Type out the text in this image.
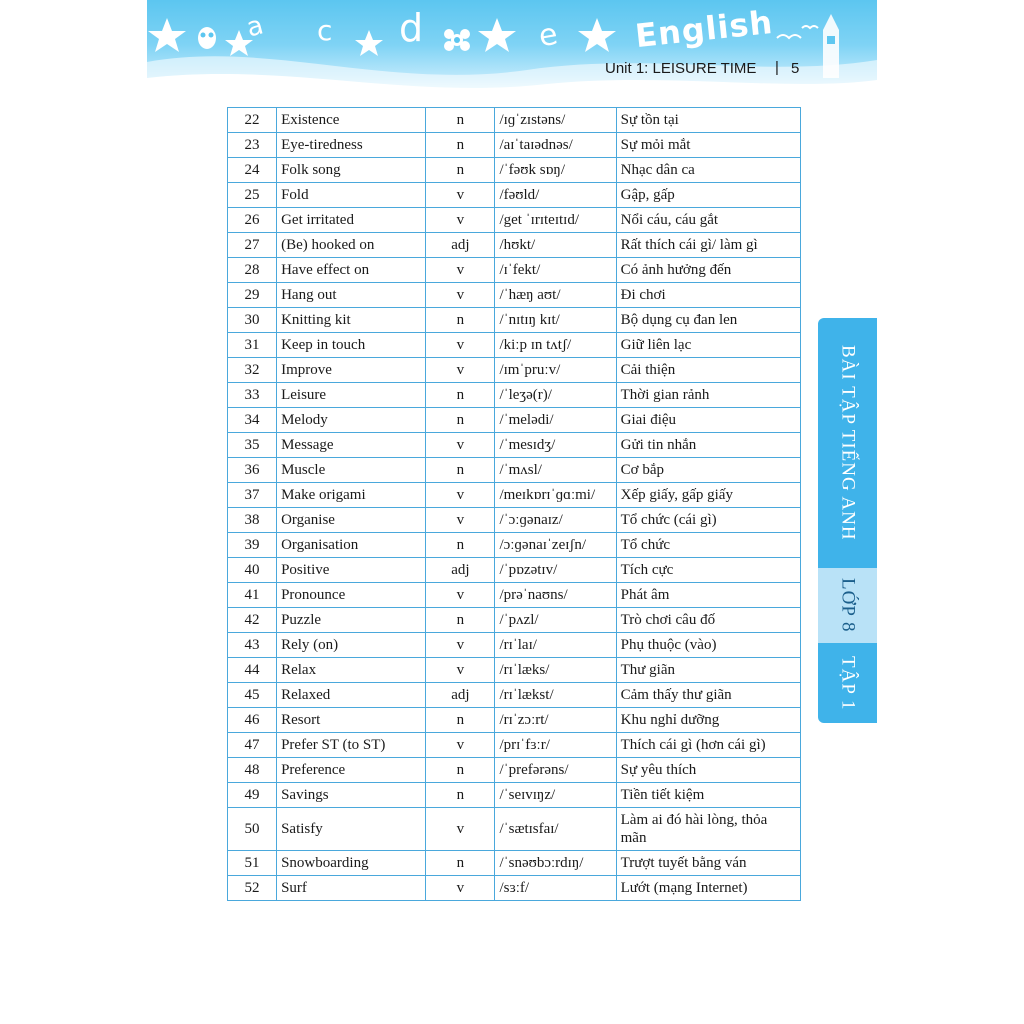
a c d	e English
Unit 1: LEISURE TIME | 5
22	Existence	n	/ɪɡˈzɪstəns/	Sự tồn tại
23	Eye-tiredness	n	/aɪˈtaɪədnəs/	Sự mỏi mắt
24	Folk song	n	/ˈfəʊk sɒŋ/	Nhạc dân ca
25	Fold	v	/fəʊld/	Gập, gấp
26	Get irritated	v	/get ˈɪrɪteɪtɪd/	Nổi cáu, cáu gắt
27	(Be) hooked on	adj	/hʊkt/	Rất thích cái gì/ làm gì
28	Have effect on	v	/ɪˈfekt/	Có ảnh hưởng đến
29	Hang out	v	/ˈhæŋ aʊt/	Đi chơi
30	Knitting kit	n	/ˈnɪtɪŋ kɪt/	Bộ dụng cụ đan len
31	Keep in touch	v	/kiːp ɪn tʌtʃ/	Giữ liên lạc
32	Improve	v	/ɪmˈpruːv/	Cải thiện
33	Leisure	n	/ˈleʒə(r)/	Thời gian rảnh
34	Melody	n	/ˈmelədi/	Giai điệu
35	Message	v	/ˈmesɪdʒ/	Gửi tin nhắn
36	Muscle	n	/ˈmʌsl/	Cơ bắp
37	Make origami	v	/meɪkɒrɪˈɡɑːmi/	Xếp giấy, gấp giấy
38	Organise	v	/ˈɔːɡənaɪz/	Tổ chức (cái gì)
39	Organisation	n	/ɔːɡənaɪˈzeɪʃn/	Tổ chức
40	Positive	adj	/ˈpɒzətɪv/	Tích cực
41	Pronounce	v	/prəˈnaʊns/	Phát âm
42	Puzzle	n	/ˈpʌzl/	Trò chơi câu đố
43	Rely (on)	v	/rɪˈlaɪ/	Phụ thuộc (vào)
44	Relax	v	/rɪˈlæks/	Thư giãn
45	Relaxed	adj	/rɪˈlækst/	Cảm thấy thư giãn
46	Resort	n	/rɪˈzɔːrt/	Khu nghỉ dưỡng
47	Prefer ST (to ST)	v	/prɪˈfɜːr/	Thích cái gì (hơn cái gì)
48	Preference	n	/ˈprefərəns/	Sự yêu thích
49	Savings	n	/ˈseɪvɪŋz/	Tiền tiết kiệm
50	Satisfy	v	/ˈsætɪsfaɪ/	Làm ai đó hài lòng, thỏa mãn
51	Snowboarding	n	/ˈsnəʊbɔːrdɪŋ/	Trượt tuyết bằng ván
52	Surf	v	/sɜːf/	Lướt (mạng Internet)
BÀI TẬP TIẾNG ANH
LỚP 8
TẬP 1
